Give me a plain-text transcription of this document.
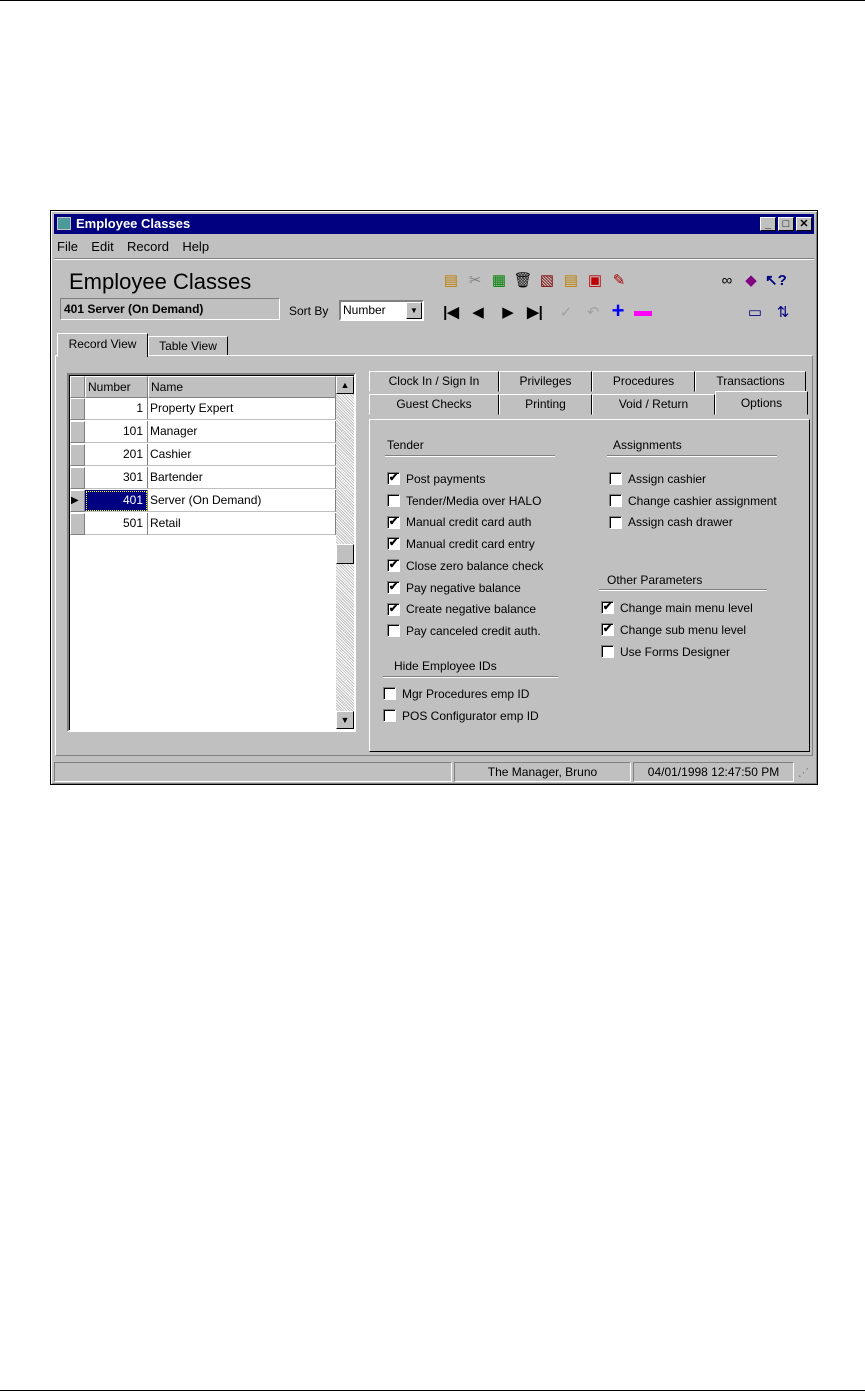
Employee Classes	_	□ ✕
File Edit Record Help
Employee Classes
401 Server (On Demand)	Sort By	Number	▼
▤ ✂ ▦ 🗑 ▧ ▤ ▣ ✎	∞ ◆ ↖?
|◀ ◀ ▶ ▶| ✓ ↶ +	▭ ⇅
Record View	Table View
Number	Name
1 Property Expert
101 Manager
201 Cashier
301 Bartender
▶	401 Server (On Demand)
501 Retail
▲
▼
Clock In / Sign In	Privileges	Procedures	Transactions
Guest Checks	Printing	Void / Return	Options
Tender
✔ Post payments
Tender/Media over HALO
✔ Manual credit card auth
✔ Manual credit card entry
✔ Close zero balance check
✔ Pay negative balance
✔ Create negative balance
Pay canceled credit auth.
Hide Employee IDs
Mgr Procedures emp ID
POS Configurator emp ID
Assignments
Assign cashier
Change cashier assignment
Assign cash drawer
Other Parameters
✔ Change main menu level
✔ Change sub menu level
Use Forms Designer
The Manager, Bruno	04/01/1998 12:47:50 PM	⋰
